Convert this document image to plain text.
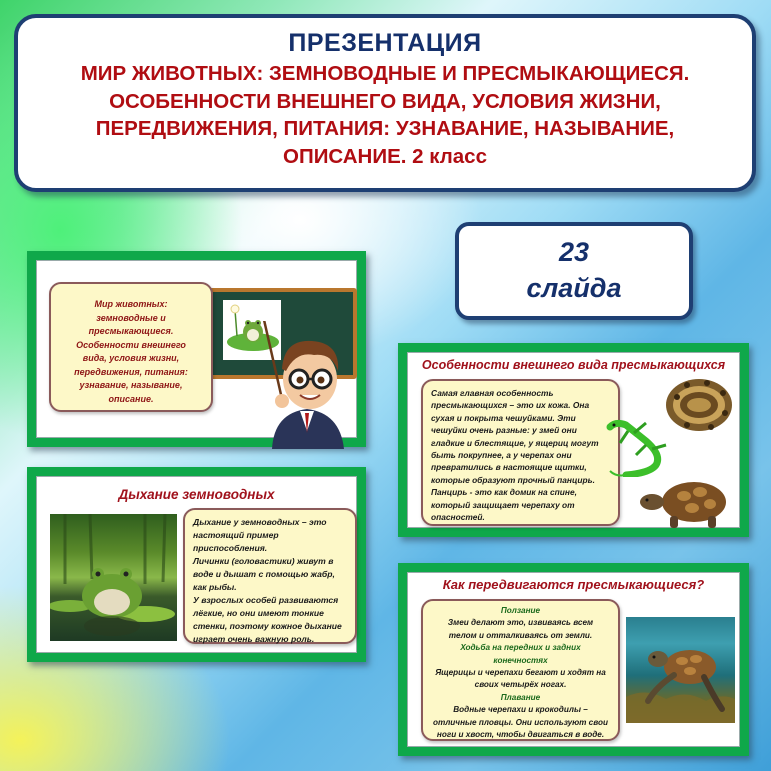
ПРЕЗЕНТАЦИЯ
МИР ЖИВОТНЫХ: ЗЕМНОВОДНЫЕ И ПРЕСМЫКАЮЩИЕСЯ.
ОСОБЕННОСТИ ВНЕШНЕГО ВИДА, УСЛОВИЯ ЖИЗНИ,
ПЕРЕДВИЖЕНИЯ, ПИТАНИЯ: УЗНАВАНИЕ, НАЗЫВАНИЕ,
ОПИСАНИЕ. 2 класс
23
слайда
Мир животных:
земноводные и
пресмыкающиеся.
Особенности внешнего
вида, условия жизни,
передвижения, питания:
узнавание, называние,
описание.
Дыхание земноводных
Дыхание у земноводных – это
настоящий пример
приспособления.
Личинки (головастики) живут в
воде и дышат с помощью жабр,
как рыбы.
У взрослых особей развиваются
лёгкие, но они имеют тонкие
стенки, поэтому кожное дыхание
играет очень важную роль.
Особенности внешнего вида пресмыкающихся
Самая главная особенность
пресмыкающихся – это их кожа. Она
сухая и покрыта чешуйками. Эти
чешуйки очень разные: у змей они
гладкие и блестящие, у ящериц могут
быть покрупнее, а у черепах они
превратились в настоящие щитки,
которые образуют прочный панцирь.
Панцирь - это как домик на спине,
который защищает черепаху от
опасностей.
Как передвигаются пресмыкающиеся?
Ползание
Змеи делают это, извиваясь всем
телом и отталкиваясь от земли.
Ходьба на передних и задних
конечностях
Ящерицы и черепахи бегают и ходят на
своих четырёх ногах.
Плавание
Водные черепахи и крокодилы –
отличные пловцы. Они используют свои
ноги и хвост, чтобы двигаться в воде.
